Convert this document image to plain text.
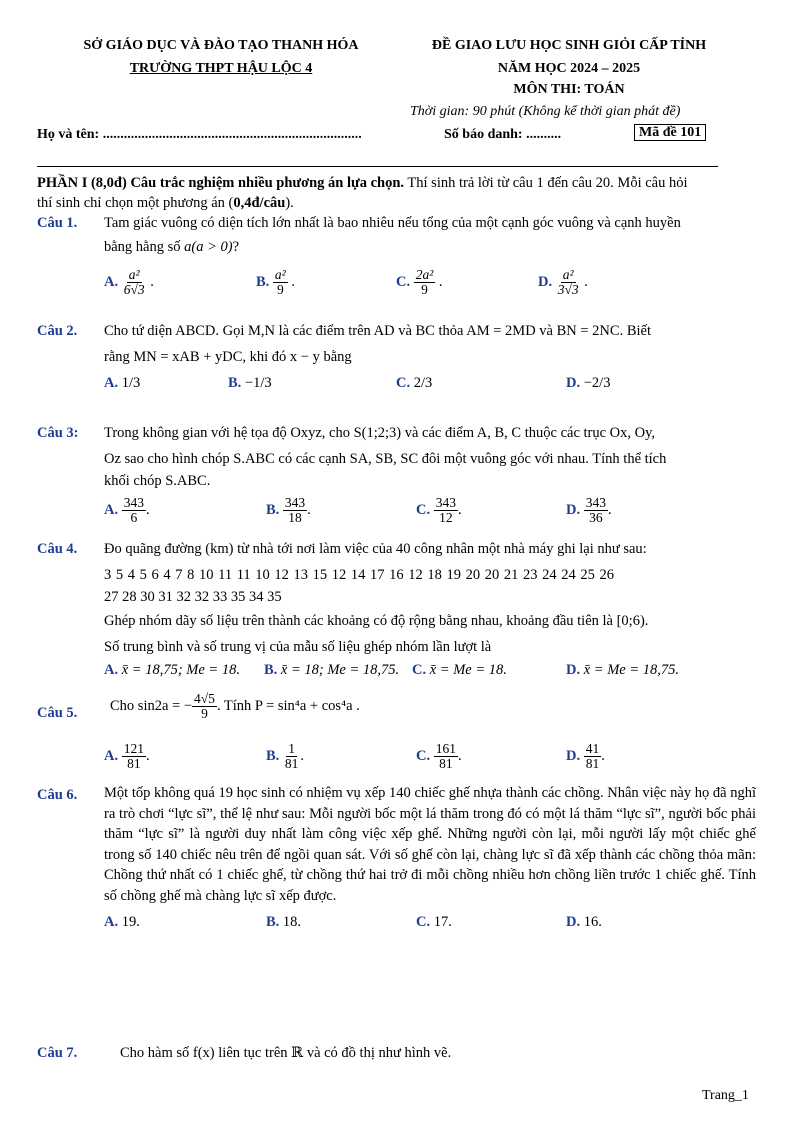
SỞ GIÁO DỤC VÀ ĐÀO TẠO THANH HÓA
TRƯỜNG THPT HẬU LỘC 4
ĐỀ GIAO LƯU HỌC SINH GIỎI CẤP TỈNH
NĂM HỌC 2024 – 2025
MÔN THI: TOÁN
Thời gian: 90 phút (Không kể thời gian phát đề)
Họ và tên: ..........................................................................	Số báo danh: ..........	Mã đề 101
PHẦN I (8,0đ) Câu trắc nghiệm nhiều phương án lựa chọn. Thí sinh trả lời từ câu 1 đến câu 20. Mỗi câu hỏi
thí sinh chỉ chọn một phương án (0,4đ/câu).
Câu 1. Tam giác vuông có diện tích lớn nhất là bao nhiêu nếu tổng của một cạnh góc vuông và cạnh huyền
bằng hằng số a(a > 0)?
A. $\frac{\text{a²}}{6√3}$ .	B. $\frac{\text{a²}}{9}$ .	C. $\frac{\text{2a²}}{9}$ .	D. $\frac{\text{a²}}{3√3}$ .
Câu 2. Cho tứ diện ABCD. Gọi M,N là các điểm trên AD và BC thỏa AM = 2MD và BN = 2NC. Biết
rằng MN = xAB + yDC, khi đó x − y bằng
A. 1/3	B. −1/3	C. 2/3	D. −2/3
Câu 3: Trong không gian với hệ tọa độ Oxyz, cho S(1;2;3) và các điểm A, B, C thuộc các trục Ox, Oy,
Oz sao cho hình chóp S.ABC có các cạnh SA, SB, SC đôi một vuông góc với nhau. Tính thể tích
khối chóp S.ABC.
A. $\frac{343}{6}$ .	B. $\frac{343}{18}$ .	C. $\frac{343}{12}$ .	D. $\frac{343}{36}$ .
Câu 4. Đo quãng đường (km) từ nhà tới nơi làm việc của 40 công nhân một nhà máy ghi lại như sau:
3 5 4 5 6 4 7 8 10 11 11 10 12 13 15 12 14 17 16 12 18 19 20 20 21 23 24 24 25 26
27 28 30 31 32 32 33 35 34 35
Ghép nhóm dãy số liệu trên thành các khoảng có độ rộng bằng nhau, khoảng đầu tiên là [0;6).
Số trung bình và số trung vị của mẫu số liệu ghép nhóm lần lượt là
A. x̄ = 18,75; Me = 18. B. x̄ = 18; Me = 18,75. C. x̄ = Me = 18.	D. x̄ = Me = 18,75.
Câu 5. Cho sin2a = − $\frac{4√5}{9}$ . Tính P = sin⁴a + cos⁴a .
A. $\frac{121}{81}$ .	B. $\frac{1}{81}$ .	C. $\frac{161}{81}$ .	D. $\frac{41}{81}$ .
Câu 6. Một tốp không quá 19 học sinh có nhiệm vụ xếp 140 chiếc ghế nhựa thành các chồng. Nhân việc này họ đã nghĩ ra trò chơi “lực sĩ”, thể lệ như sau: Mỗi người bốc một lá thăm trong đó có một lá thăm “lực sĩ”, người bốc phải thăm “lực sĩ” là người duy nhất làm công việc xếp ghế. Những người còn lại, mỗi người lấy một chiếc ghế trong số 140 chiếc nêu trên để ngồi quan sát. Với số ghế còn lại, chàng lực sĩ đã xếp thành các chồng thỏa mãn: Chồng thứ nhất có 1 chiếc ghế, từ chồng thứ hai trở đi mỗi chồng nhiều hơn chồng liền trước 1 chiếc ghế. Tính số chồng ghế mà chàng lực sĩ xếp được.
A. 19.	B. 18.	C. 17.	D. 16.
Câu 7.	Cho hàm số f(x) liên tục trên ℝ và có đồ thị như hình vẽ.
Trang_1
